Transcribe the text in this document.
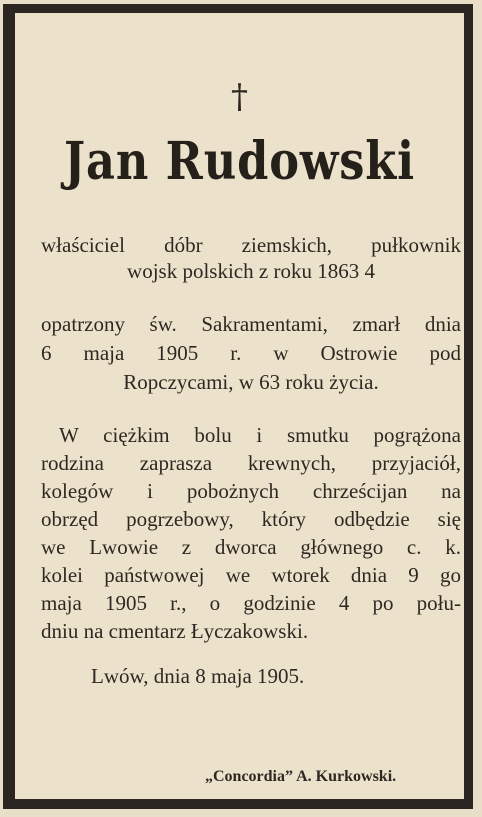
†
Jan Rudowski
właściciel dóbr ziemskich, pułkownik
wojsk polskich z roku 1863 4
opatrzony św. Sakramentami, zmarł dnia
6 maja 1905 r. w Ostrowie pod
Ropczycami, w 63 roku życia.
W ciężkim bolu i smutku pogrążona
rodzina zaprasza krewnych, przyjaciół,
kolegów i pobożnych chrześcijan na
obrzęd pogrzebowy, który odbędzie się
we Lwowie z dworca głównego c. k.
kolei państwowej we wtorek dnia 9 go
maja 1905 r., o godzinie 4 po połu-
dniu na cmentarz Łyczakowski.
Lwów, dnia 8 maja 1905.
„Concordia” A. Kurkowski.
